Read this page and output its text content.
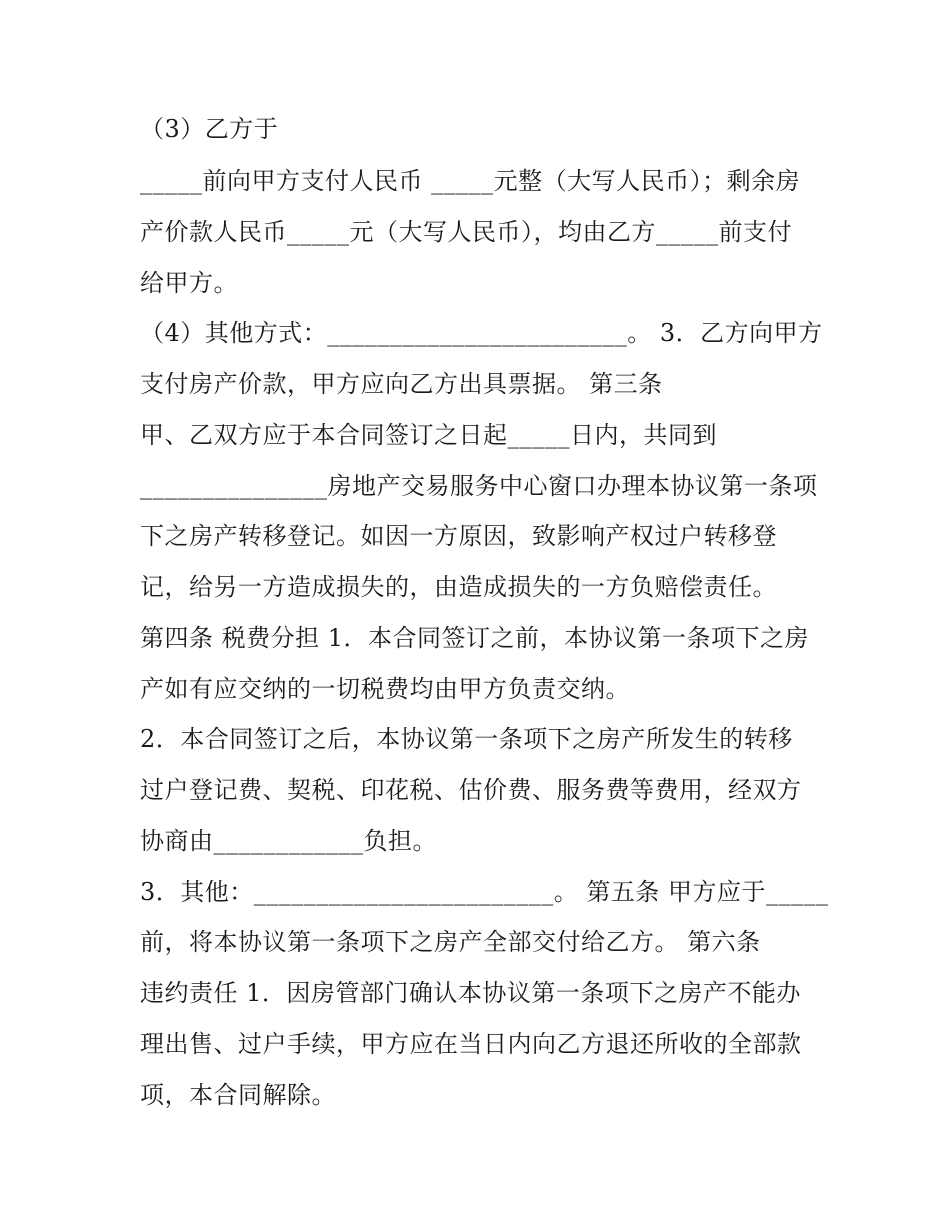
（3）乙方于
_____前向甲方支付人民币 _____元整（大写人民币）；剩余房
产价款人民币_____元（大写人民币），均由乙方_____前支付
给甲方。
（4）其他方式：________________________。 3．乙方向甲方
支付房产价款，甲方应向乙方出具票据。 第三条
甲、乙双方应于本合同签订之日起_____日内，共同到
_______________房地产交易服务中心窗口办理本协议第一条项
下之房产转移登记。如因一方原因，致影响产权过户转移登
记，给另一方造成损失的，由造成损失的一方负赔偿责任。
第四条 税费分担 1．本合同签订之前，本协议第一条项下之房
产如有应交纳的一切税费均由甲方负责交纳。
2．本合同签订之后，本协议第一条项下之房产所发生的转移
过户登记费、契税、印花税、估价费、服务费等费用，经双方
协商由____________负担。
3．其他：________________________。 第五条 甲方应于_____
前，将本协议第一条项下之房产全部交付给乙方。 第六条
违约责任 1．因房管部门确认本协议第一条项下之房产不能办
理出售、过户手续，甲方应在当日内向乙方退还所收的全部款
项，本合同解除。
